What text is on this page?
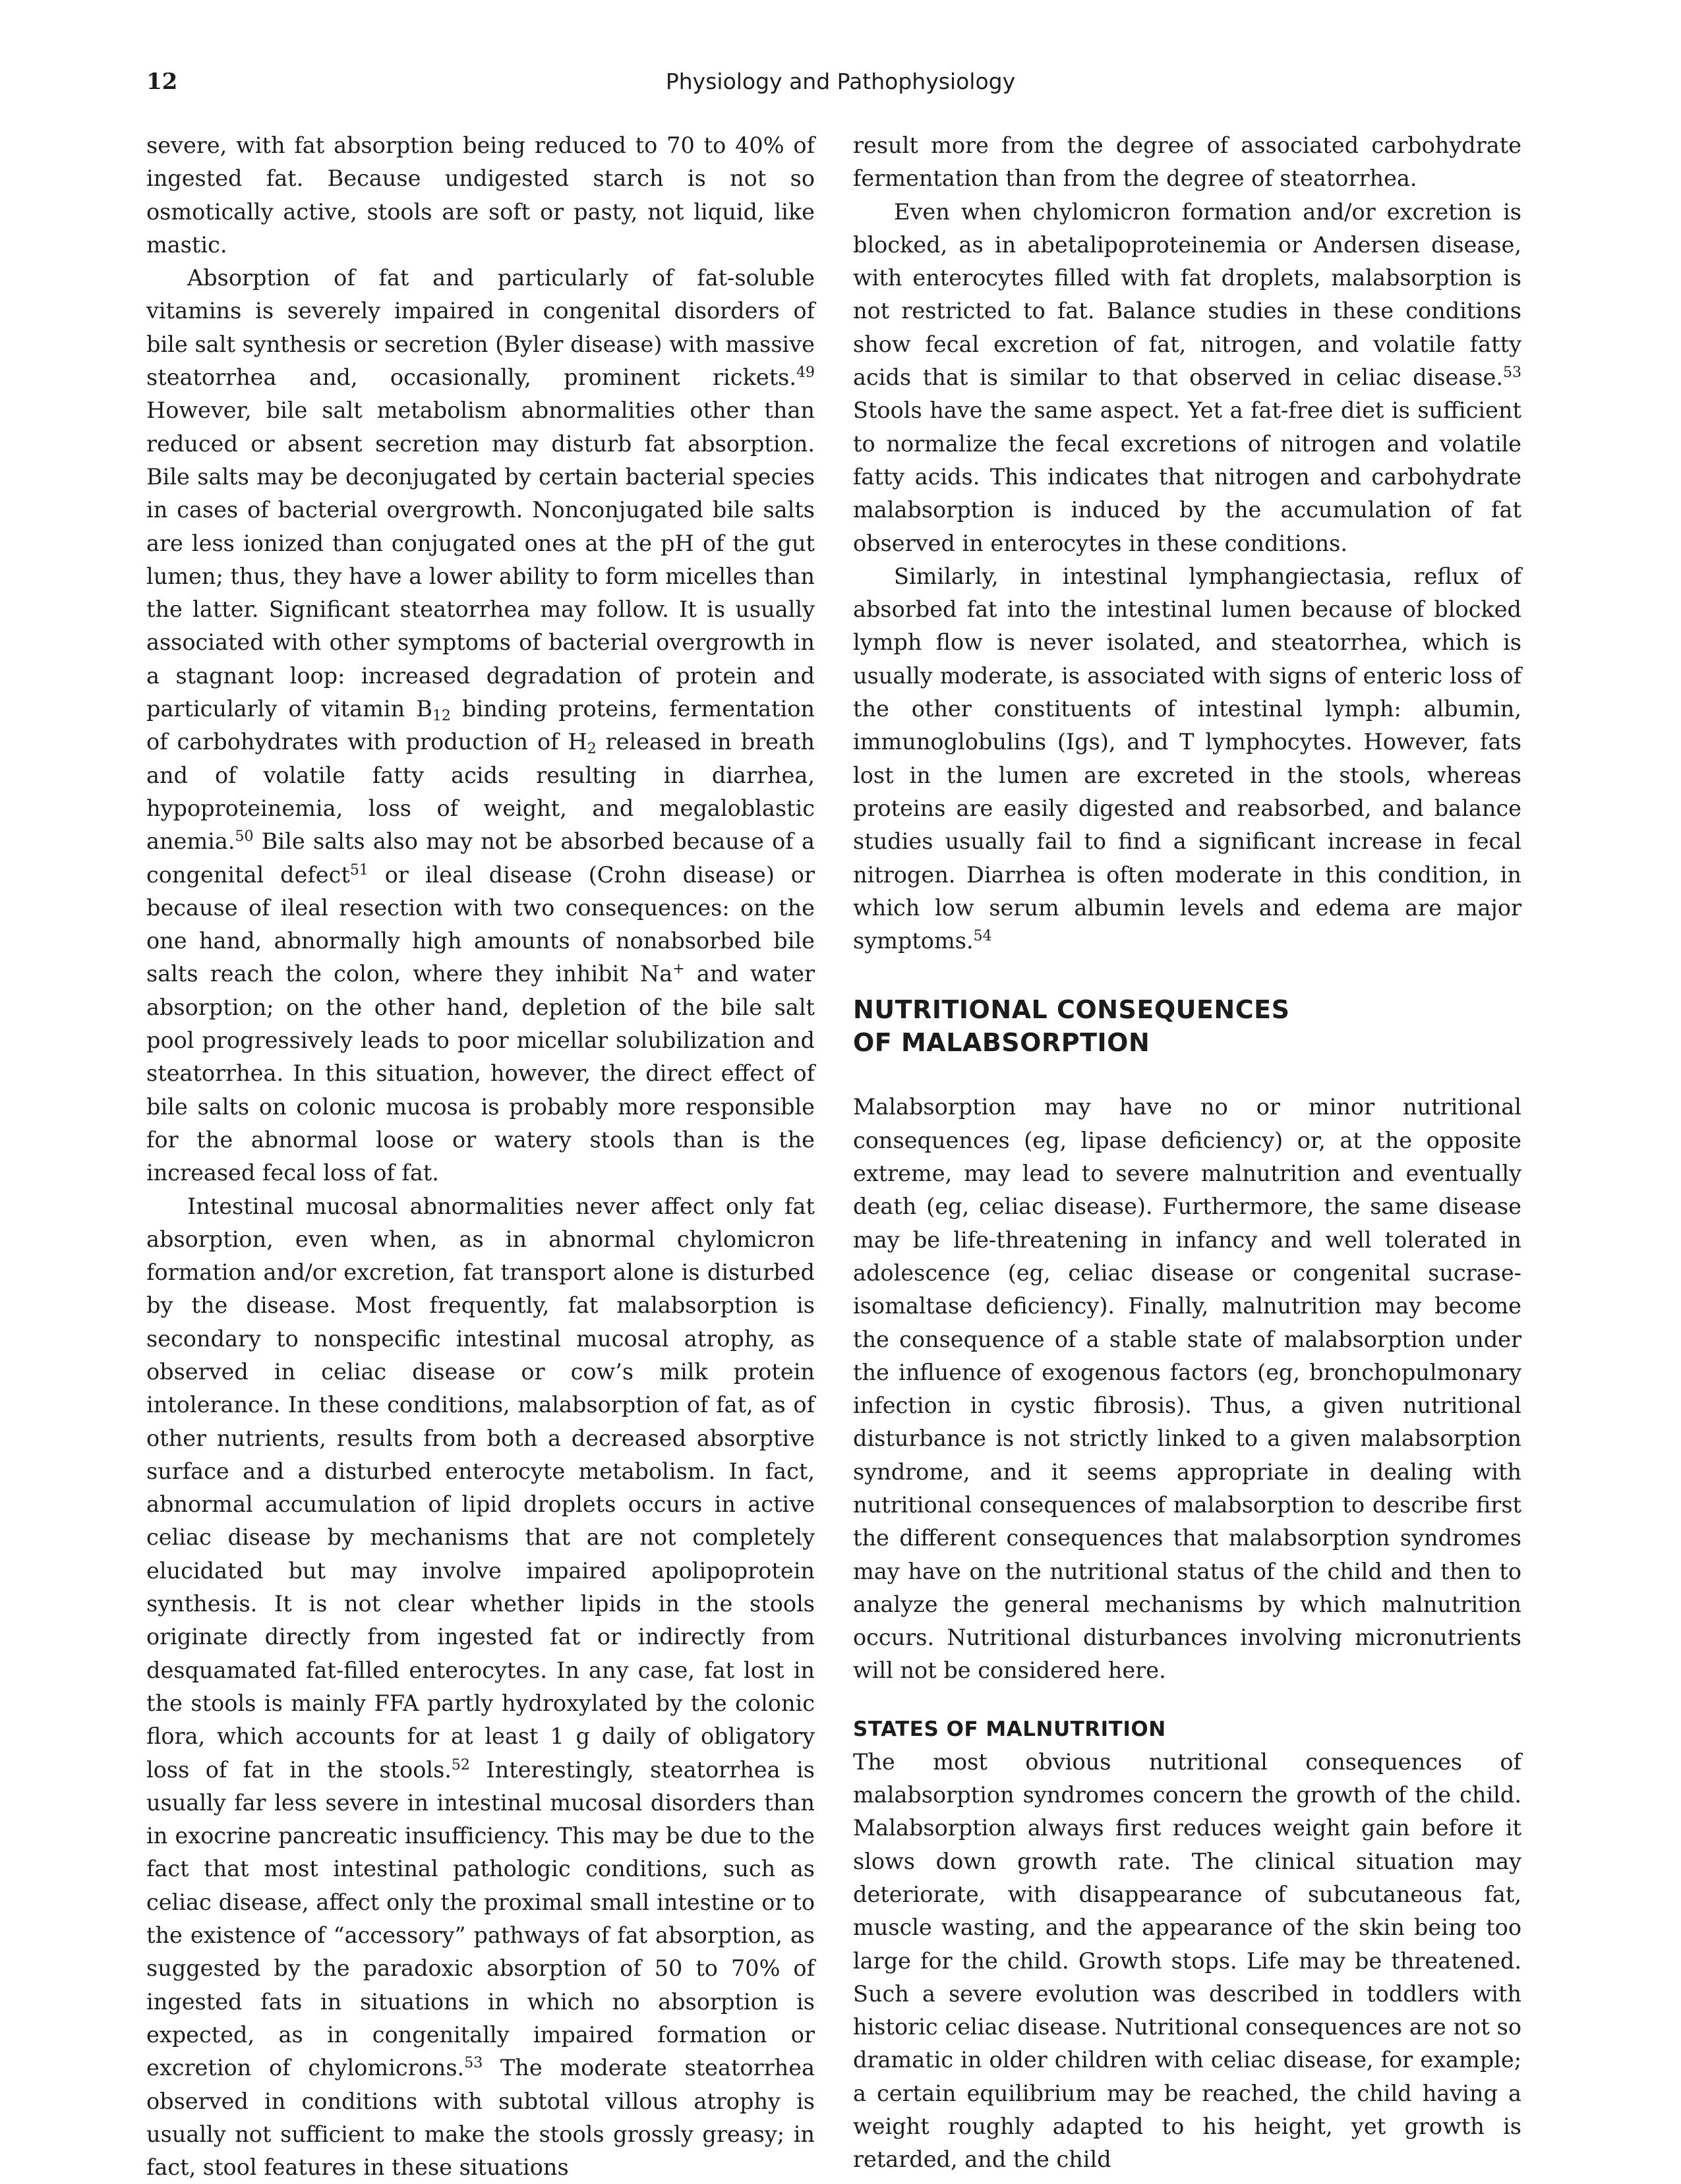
12	Physiology and Pathophysiology

severe, with fat absorption being reduced to 70 to 40% of ingested fat. Because undigested starch is not so osmotically active, stools are soft or pasty, not liquid, like mastic.

Absorption of fat and particularly of fat-soluble vitamins is severely impaired in congenital disorders of bile salt synthesis or secretion (Byler disease) with massive steatorrhea and, occasionally, prominent rickets.$^{49}$ However, bile salt metabolism abnormalities other than reduced or absent secretion may disturb fat absorption. Bile salts may be deconjugated by certain bacterial species in cases of bacterial overgrowth. Nonconjugated bile salts are less ionized than conjugated ones at the pH of the gut lumen; thus, they have a lower ability to form micelles than the latter. Significant steatorrhea may follow. It is usually associated with other symptoms of bacterial overgrowth in a stagnant loop: increased degradation of protein and particularly of vitamin $B_{12}$ binding proteins, fermentation of carbohydrates with production of $H_2$ released in breath and of volatile fatty acids resulting in diarrhea, hypoproteinemia, loss of weight, and megaloblastic anemia.$^{50}$ Bile salts also may not be absorbed because of a congenital defect$^{51}$ or ileal disease (Crohn disease) or because of ileal resection with two consequences: on the one hand, abnormally high amounts of nonabsorbed bile salts reach the colon, where they inhibit Na+ and water absorption; on the other hand, depletion of the bile salt pool progressively leads to poor micellar solubilization and steatorrhea. In this situation, however, the direct effect of bile salts on colonic mucosa is probably more responsible for the abnormal loose or watery stools than is the increased fecal loss of fat.

Intestinal mucosal abnormalities never affect only fat absorption, even when, as in abnormal chylomicron formation and/or excretion, fat transport alone is disturbed by the disease. Most frequently, fat malabsorption is secondary to nonspecific intestinal mucosal atrophy, as observed in celiac disease or cow’s milk protein intolerance. In these conditions, malabsorption of fat, as of other nutrients, results from both a decreased absorptive surface and a disturbed enterocyte metabolism. In fact, abnormal accumulation of lipid droplets occurs in active celiac disease by mechanisms that are not completely elucidated but may involve impaired apolipoprotein synthesis. It is not clear whether lipids in the stools originate directly from ingested fat or indirectly from desquamated fat-filled enterocytes. In any case, fat lost in the stools is mainly FFA partly hydroxylated by the colonic flora, which accounts for at least 1 g daily of obligatory loss of fat in the stools.$^{52}$ Interestingly, steatorrhea is usually far less severe in intestinal mucosal disorders than in exocrine pancreatic insufficiency. This may be due to the fact that most intestinal pathologic conditions, such as celiac disease, affect only the proximal small intestine or to the existence of “accessory” pathways of fat absorption, as suggested by the paradoxic absorption of 50 to 70% of ingested fats in situations in which no absorption is expected, as in congenitally impaired formation or excretion of chylomicrons.$^{53}$ The moderate steatorrhea observed in conditions with subtotal villous atrophy is usually not sufficient to make the stools grossly greasy; in fact, stool features in these situations

result more from the degree of associated carbohydrate fermentation than from the degree of steatorrhea.

Even when chylomicron formation and/or excretion is blocked, as in abetalipoproteinemia or Andersen disease, with enterocytes filled with fat droplets, malabsorption is not restricted to fat. Balance studies in these conditions show fecal excretion of fat, nitrogen, and volatile fatty acids that is similar to that observed in celiac disease.$^{53}$ Stools have the same aspect. Yet a fat-free diet is sufficient to normalize the fecal excretions of nitrogen and volatile fatty acids. This indicates that nitrogen and carbohydrate malabsorption is induced by the accumulation of fat observed in enterocytes in these conditions.

Similarly, in intestinal lymphangiectasia, reflux of absorbed fat into the intestinal lumen because of blocked lymph flow is never isolated, and steatorrhea, which is usually moderate, is associated with signs of enteric loss of the other constituents of intestinal lymph: albumin, immunoglobulins (Igs), and T lymphocytes. However, fats lost in the lumen are excreted in the stools, whereas proteins are easily digested and reabsorbed, and balance studies usually fail to find a significant increase in fecal nitrogen. Diarrhea is often moderate in this condition, in which low serum albumin levels and edema are major symptoms.$^{54}$

NUTRITIONAL CONSEQUENCES
OF MALABSORPTION

Malabsorption may have no or minor nutritional consequences (eg, lipase deficiency) or, at the opposite extreme, may lead to severe malnutrition and eventually death (eg, celiac disease). Furthermore, the same disease may be life-threatening in infancy and well tolerated in adolescence (eg, celiac disease or congenital sucrase-isomaltase deficiency). Finally, malnutrition may become the consequence of a stable state of malabsorption under the influence of exogenous factors (eg, bronchopulmonary infection in cystic fibrosis). Thus, a given nutritional disturbance is not strictly linked to a given malabsorption syndrome, and it seems appropriate in dealing with nutritional consequences of malabsorption to describe first the different consequences that malabsorption syndromes may have on the nutritional status of the child and then to analyze the general mechanisms by which malnutrition occurs. Nutritional disturbances involving micronutrients will not be considered here.

STATES OF MALNUTRITION

The most obvious nutritional consequences of malabsorption syndromes concern the growth of the child. Malabsorption always first reduces weight gain before it slows down growth rate. The clinical situation may deteriorate, with disappearance of subcutaneous fat, muscle wasting, and the appearance of the skin being too large for the child. Growth stops. Life may be threatened. Such a severe evolution was described in toddlers with historic celiac disease. Nutritional consequences are not so dramatic in older children with celiac disease, for example; a certain equilibrium may be reached, the child having a weight roughly adapted to his height, yet growth is retarded, and the child
